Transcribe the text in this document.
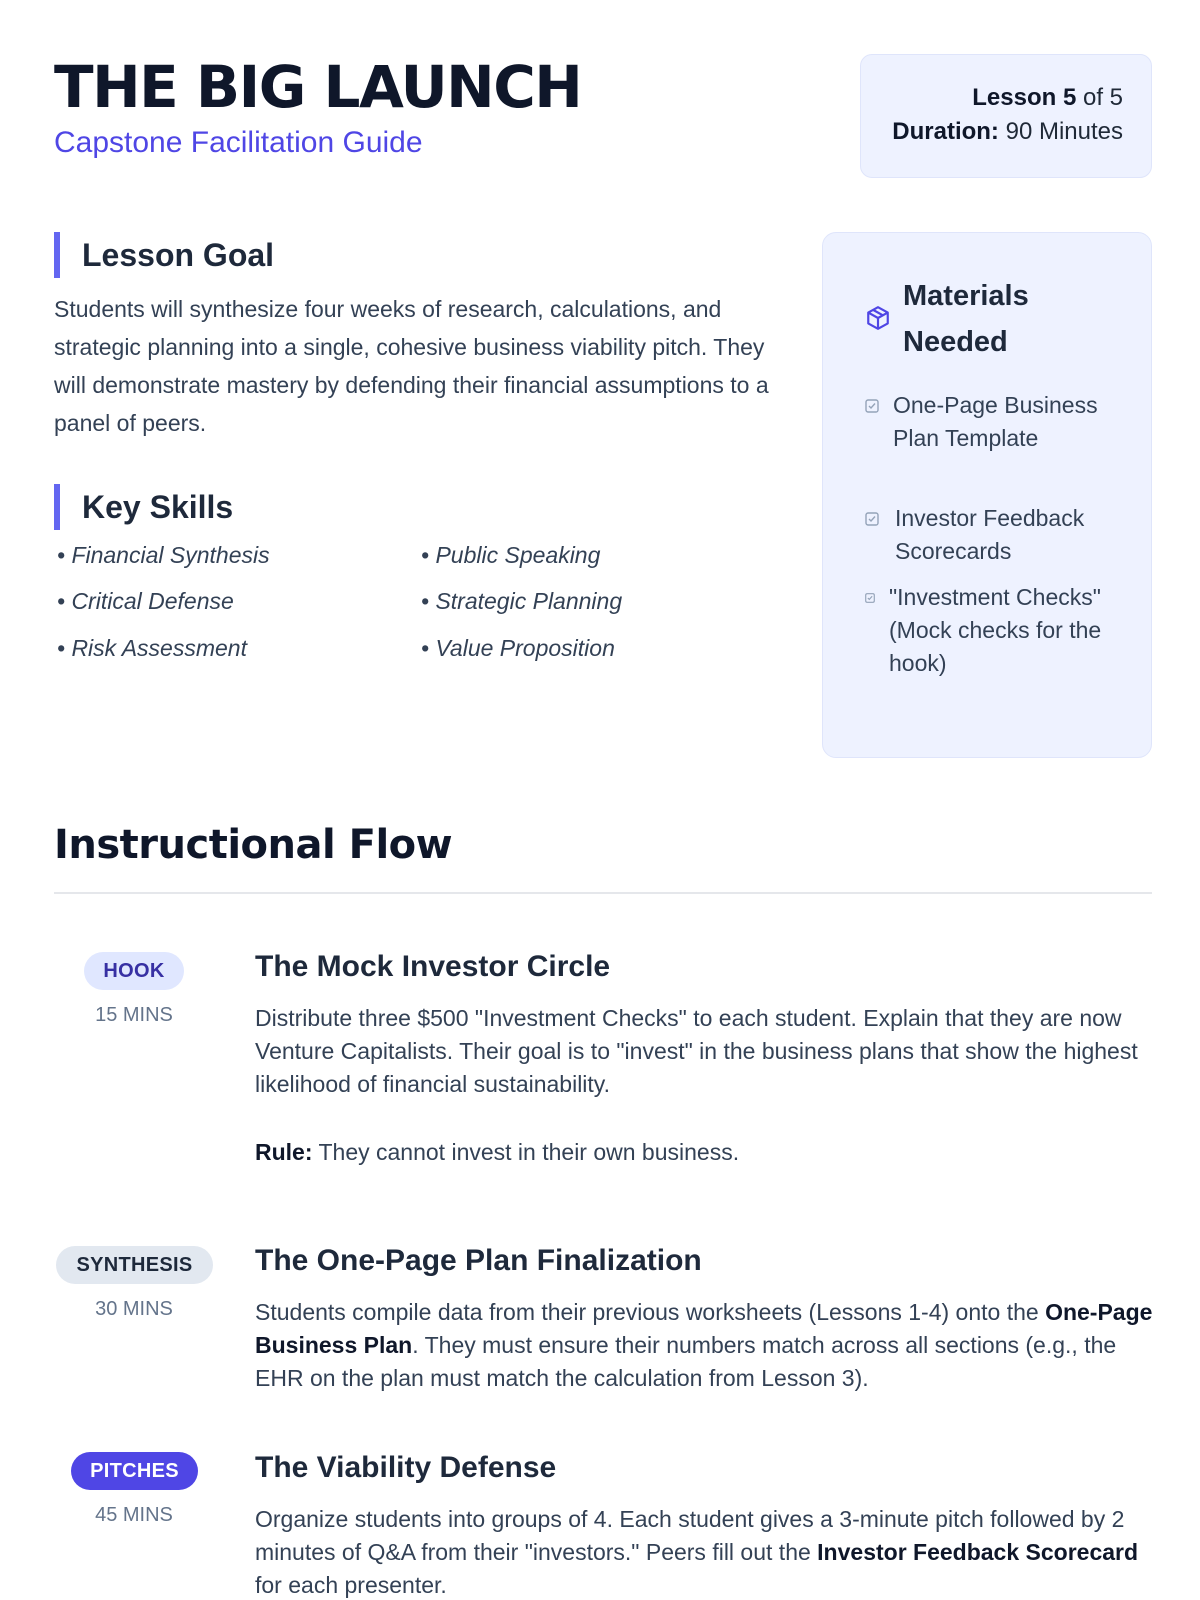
THE BIG LAUNCH
Capstone Facilitation Guide
Lesson 5 of 5
Duration: 90 Minutes
Lesson Goal
Students will synthesize four weeks of research, calculations, and strategic planning into a single, cohesive business viability pitch. They will demonstrate mastery by defending their financial assumptions to a panel of peers.
Key Skills
• Financial Synthesis
• Critical Defense
• Risk Assessment
• Public Speaking
• Strategic Planning
• Value Proposition
Materials Needed
One-Page Business Plan Template
Investor Feedback Scorecards
"Investment Checks" (Mock checks for the hook)
Instructional Flow
HOOK
15 MINS
The Mock Investor Circle
Distribute three $500 "Investment Checks" to each student. Explain that they are now Venture Capitalists. Their goal is to "invest" in the business plans that show the highest likelihood of financial sustainability.
Rule: They cannot invest in their own business.
SYNTHESIS
30 MINS
The One-Page Plan Finalization
Students compile data from their previous worksheets (Lessons 1-4) onto the One-Page Business Plan. They must ensure their numbers match across all sections (e.g., the EHR on the plan must match the calculation from Lesson 3).
PITCHES
45 MINS
The Viability Defense
Organize students into groups of 4. Each student gives a 3-minute pitch followed by 2 minutes of Q&A from their "investors." Peers fill out the Investor Feedback Scorecard for each presenter.
